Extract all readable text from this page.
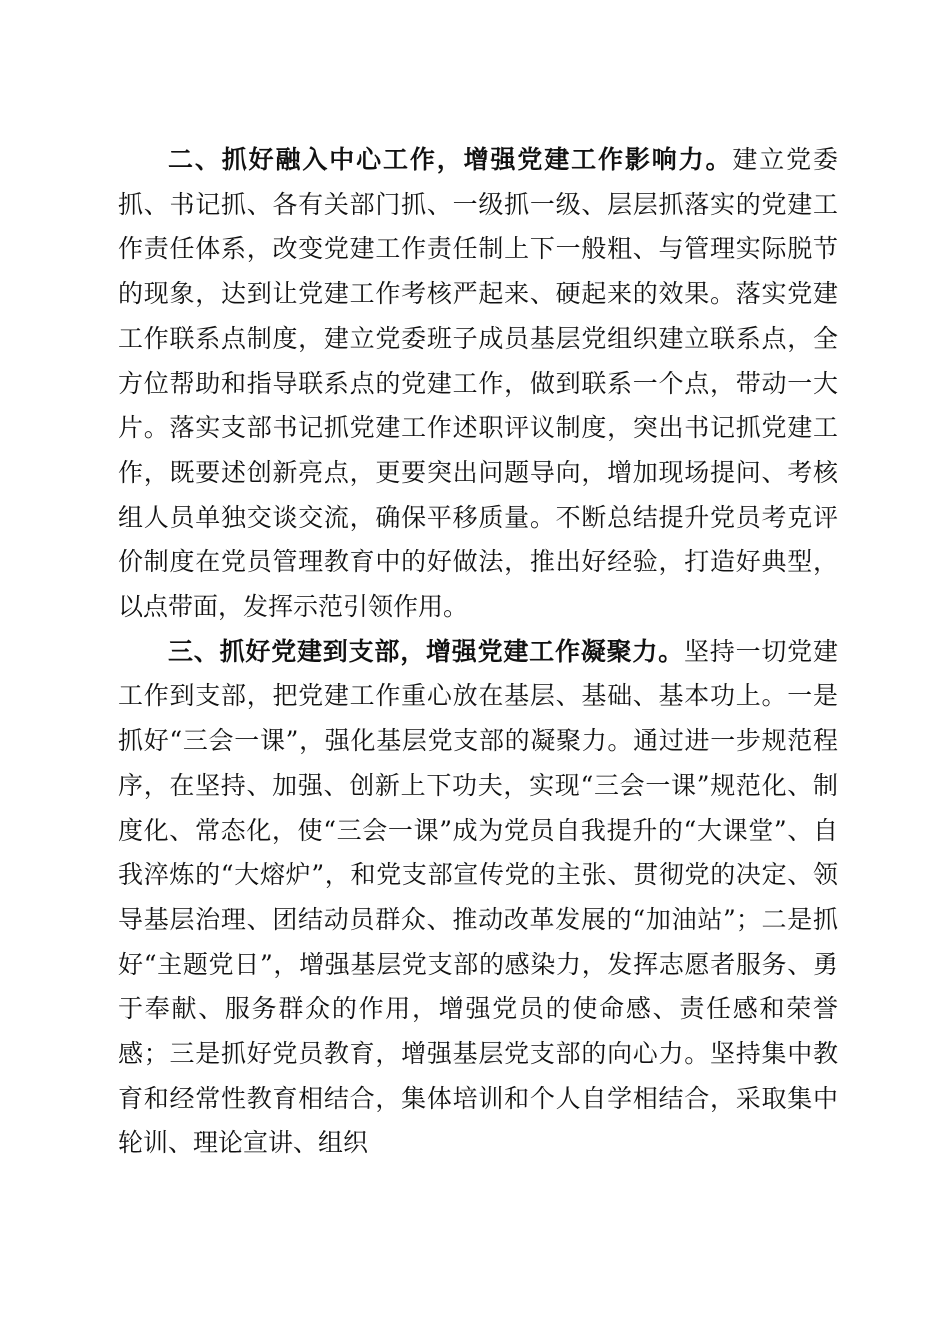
二、抓好融入中心工作，增强党建工作影响力。建立党委抓、书记抓、各有关部门抓、一级抓一级、层层抓落实的党建工作责任体系，改变党建工作责任制上下一般粗、与管理实际脱节的现象，达到让党建工作考核严起来、硬起来的效果。落实党建工作联系点制度，建立党委班子成员基层党组织建立联系点，全方位帮助和指导联系点的党建工作，做到联系一个点，带动一大片。落实支部书记抓党建工作述职评议制度，突出书记抓党建工作，既要述创新亮点，更要突出问题导向，增加现场提问、考核组人员单独交谈交流，确保平移质量。不断总结提升党员考克评价制度在党员管理教育中的好做法，推出好经验，打造好典型，以点带面，发挥示范引领作用。

三、抓好党建到支部，增强党建工作凝聚力。坚持一切党建工作到支部，把党建工作重心放在基层、基础、基本功上。一是抓好“三会一课”，强化基层党支部的凝聚力。通过进一步规范程序，在坚持、加强、创新上下功夫，实现“三会一课”规范化、制度化、常态化，使“三会一课”成为党员自我提升的“大课堂”、自我淬炼的“大熔炉”，和党支部宣传党的主张、贯彻党的决定、领导基层治理、团结动员群众、推动改革发展的“加油站”；二是抓好“主题党日”，增强基层党支部的感染力，发挥志愿者服务、勇于奉献、服务群众的作用，增强党员的使命感、责任感和荣誉感；三是抓好党员教育，增强基层党支部的向心力。坚持集中教育和经常性教育相结合，集体培训和个人自学相结合，采取集中轮训、理论宣讲、组织
